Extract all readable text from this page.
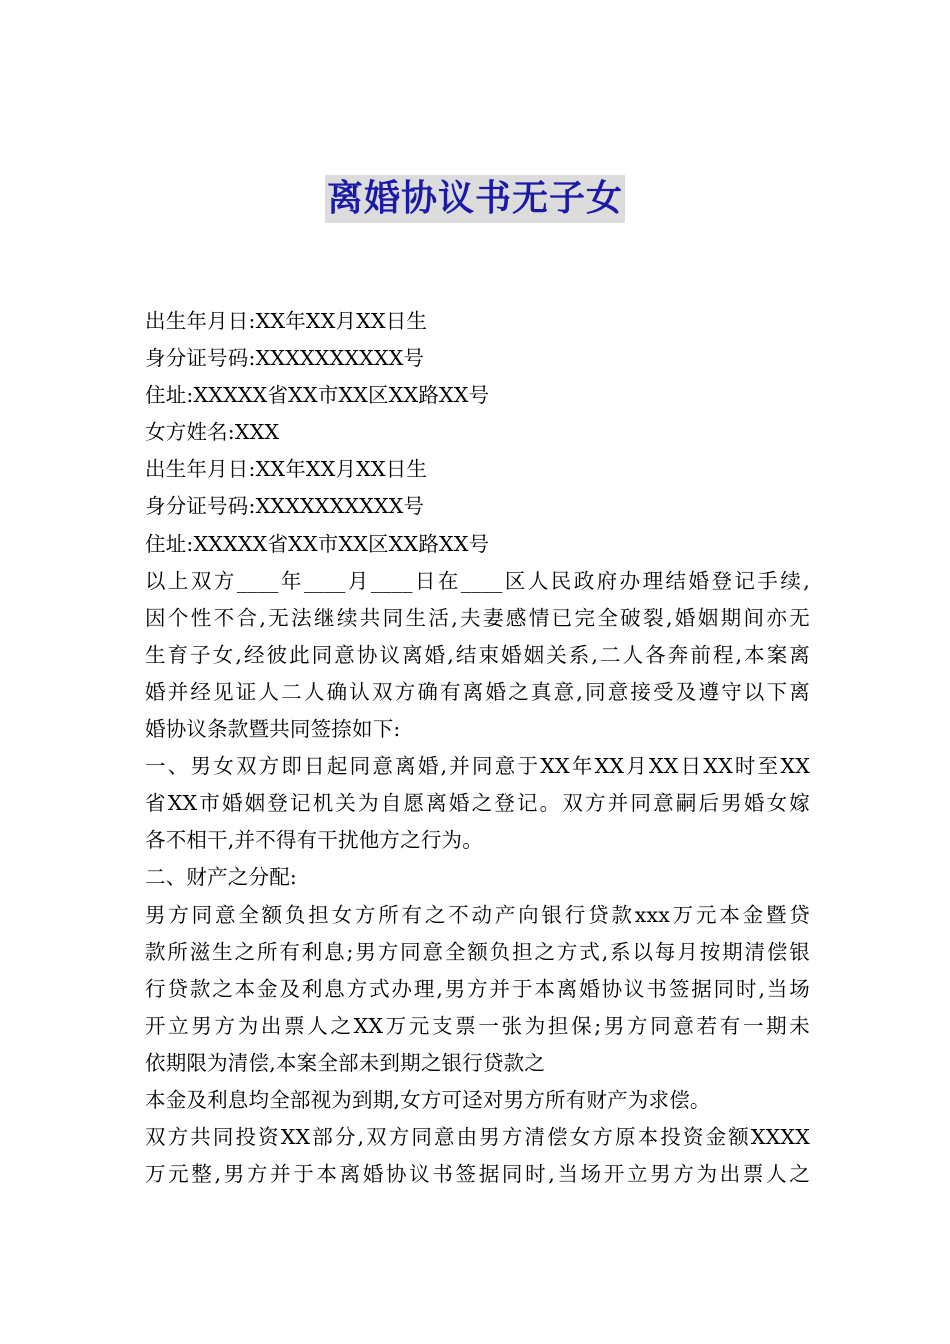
离婚协议书无子女
出生年月日:XX年XX月XX日生
身分证号码:XXXXXXXXXX号
住址:XXXXX省XX市XX区XX路XX号
女方姓名:XXX
出生年月日:XX年XX月XX日生
身分证号码:XXXXXXXXXX号
住址:XXXXX省XX市XX区XX路XX号
以上双方____年____月____日在____区人民政府办理结婚登记手续,
因个性不合,无法继续共同生活,夫妻感情已完全破裂,婚姻期间亦无
生育子女,经彼此同意协议离婚,结束婚姻关系,二人各奔前程,本案离
婚并经见证人二人确认双方确有离婚之真意,同意接受及遵守以下离
婚协议条款暨共同签捺如下:
一、男女双方即日起同意离婚,并同意于XX年XX月XX日XX时至XX
省XX市婚姻登记机关为自愿离婚之登记。双方并同意嗣后男婚女嫁
各不相干,并不得有干扰他方之行为。
二、财产之分配:
男方同意全额负担女方所有之不动产向银行贷款xxx万元本金暨贷
款所滋生之所有利息;男方同意全额负担之方式,系以每月按期清偿银
行贷款之本金及利息方式办理,男方并于本离婚协议书签据同时,当场
开立男方为出票人之XX万元支票一张为担保;男方同意若有一期未
依期限为清偿,本案全部未到期之银行贷款之
本金及利息均全部视为到期,女方可迳对男方所有财产为求偿。
双方共同投资XX部分,双方同意由男方清偿女方原本投资金额XXXX
万元整,男方并于本离婚协议书签据同时,当场开立男方为出票人之
